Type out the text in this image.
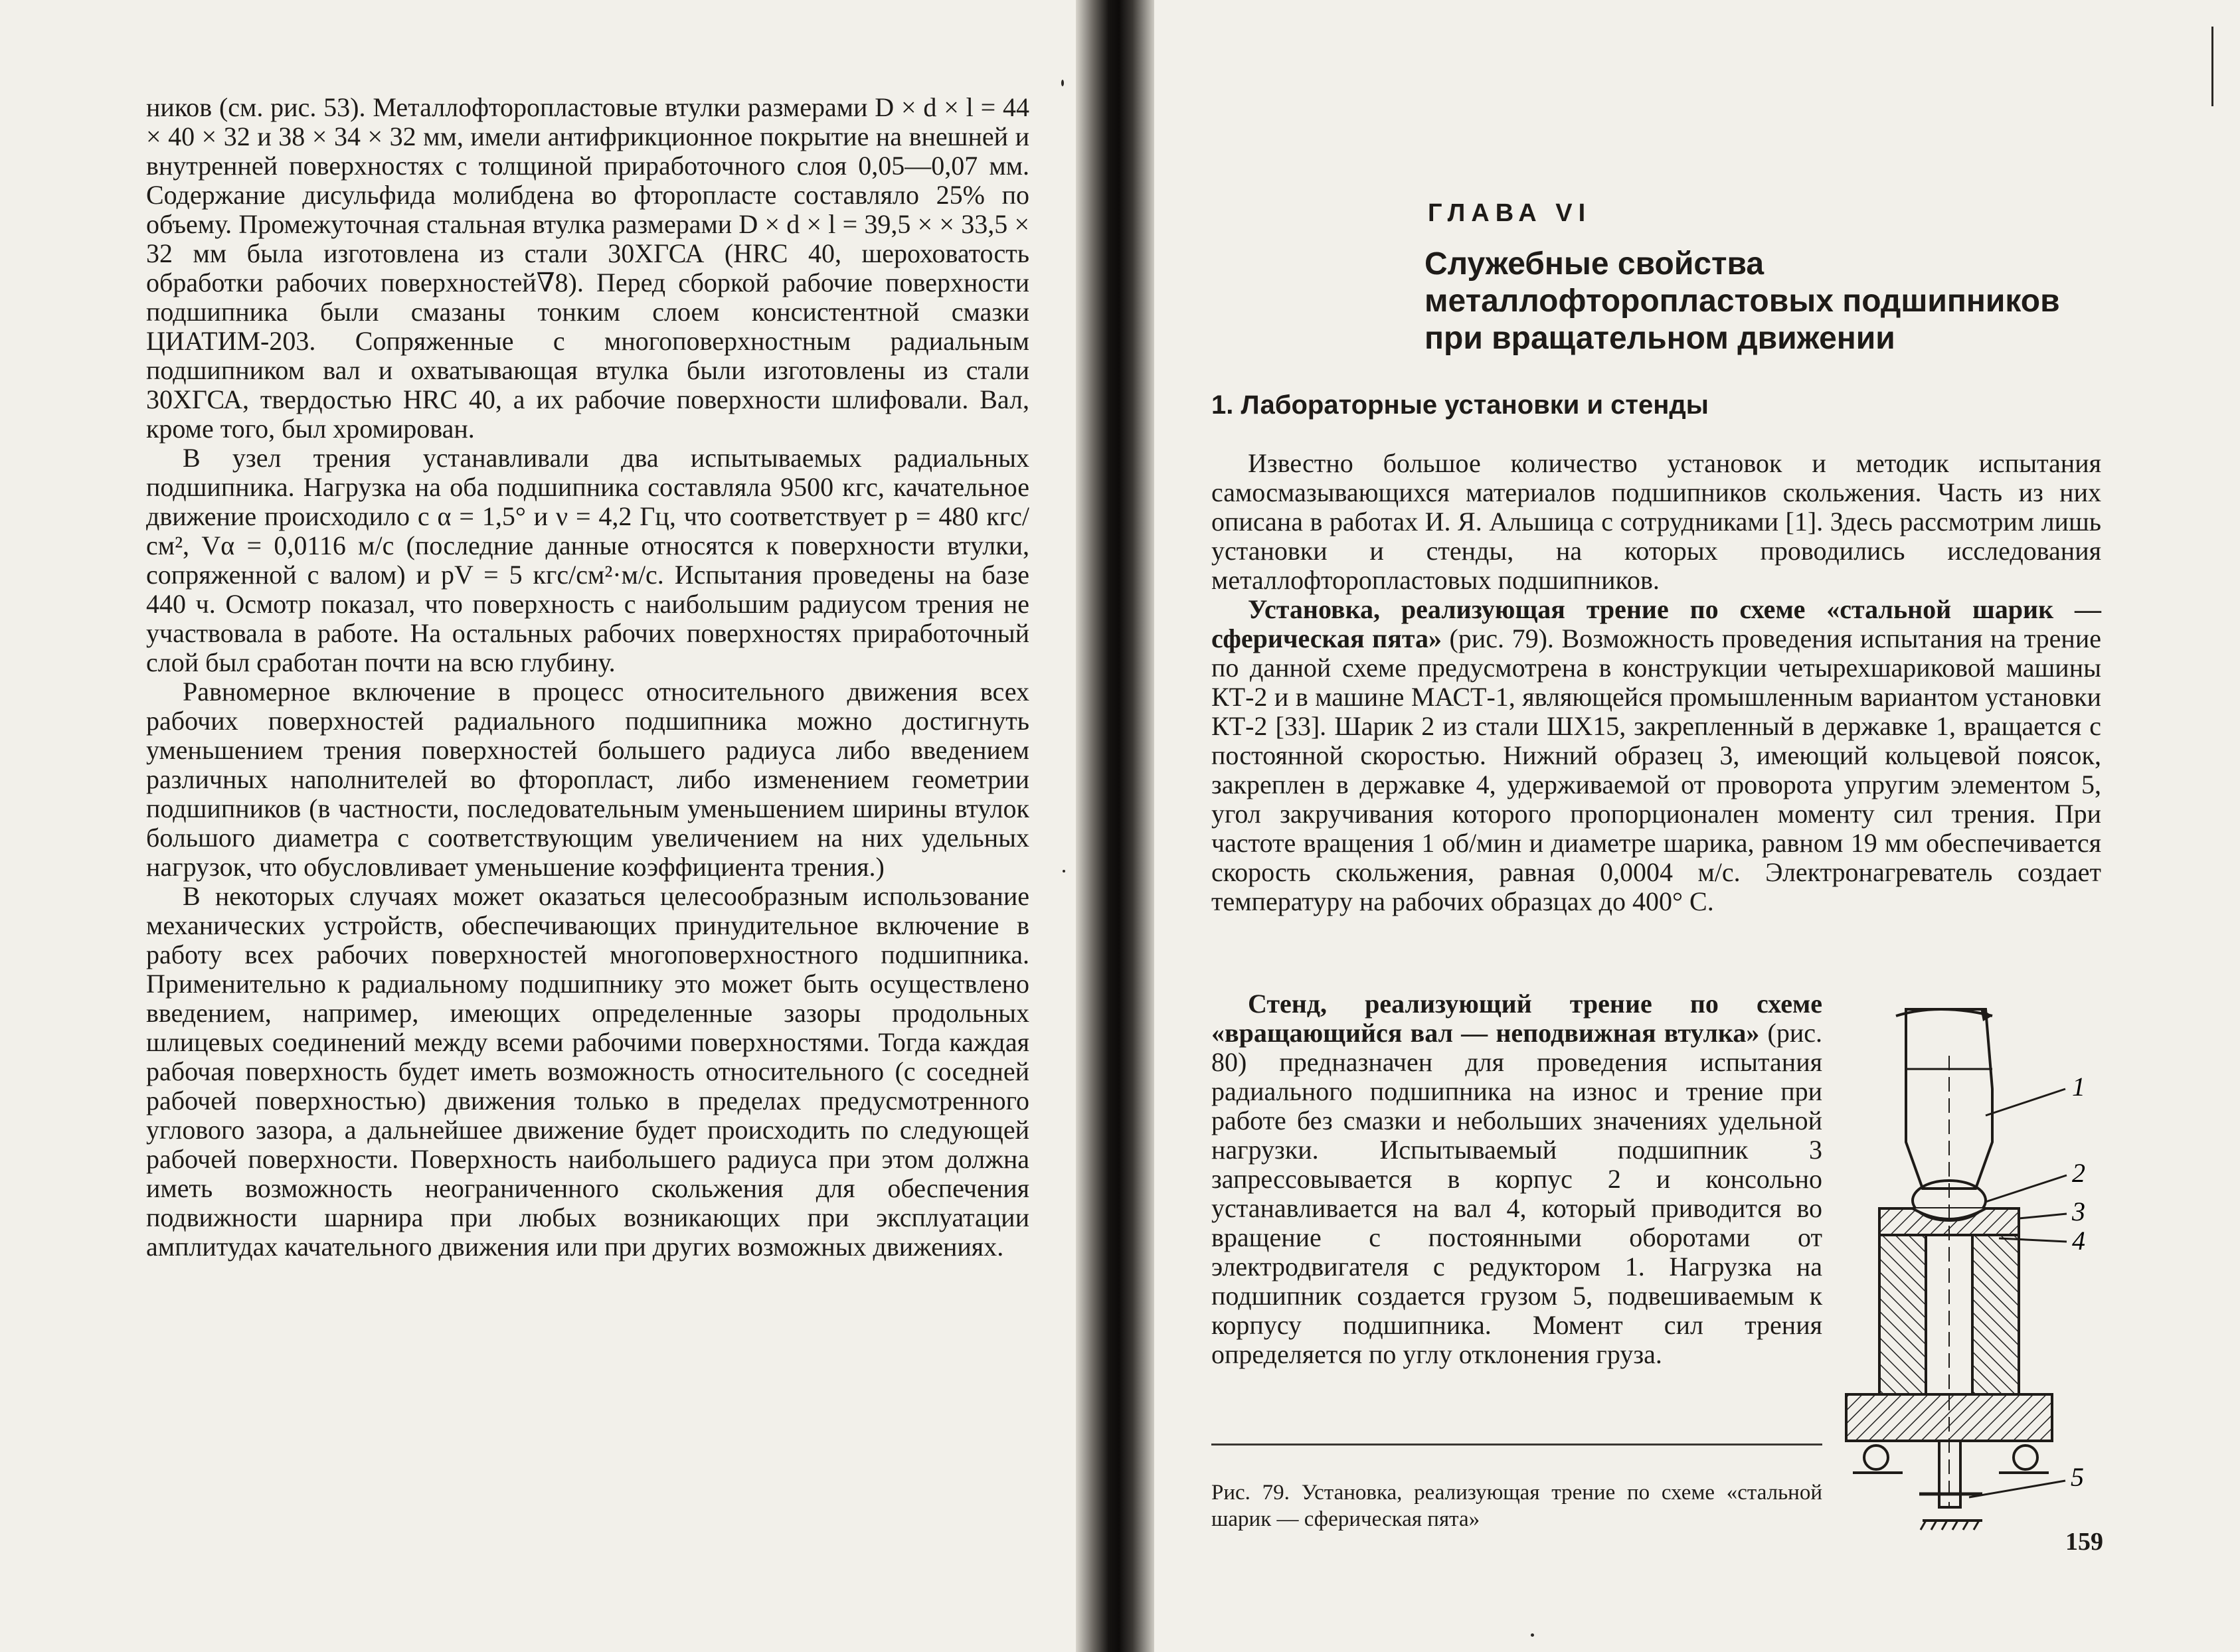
ников (см. рис. 53). Металлофторопластовые втулки размерами D × d × l = 44 × 40 × 32 и 38 × 34 × 32 мм, имели антифрикционное покрытие на внешней и внутренней поверхностях с толщиной приработочного слоя 0,05—0,07 мм. Содержание дисульфида молибдена во фторопласте составляло 25% по объему. Промежуточная стальная втулка размерами D × d × l = 39,5 × × 33,5 × 32 мм была изготовлена из стали 30ХГСА (HRC 40, шероховатость обработки рабочих поверхностей∇8). Перед сборкой рабочие поверхности подшипника были смазаны тонким слоем консистентной смазки ЦИАТИМ-203. Сопряженные с многоповерхностным радиальным подшипником вал и охватывающая втулка были изготовлены из стали 30ХГСА, твердостью HRC 40, а их рабочие поверхности шлифовали. Вал, кроме того, был хромирован.

В узел трения устанавливали два испытываемых радиальных подшипника. Нагрузка на оба подшипника составляла 9500 кгс, качательное движение происходило с α = 1,5° и ν = 4,2 Гц, что соответствует p = 480 кгс/см², Vα = 0,0116 м/с (последние данные относятся к поверхности втулки, сопряженной с валом) и pV = 5 кгс/см²·м/с. Испытания проведены на базе 440 ч. Осмотр показал, что поверхность с наибольшим радиусом трения не участвовала в работе. На остальных рабочих поверхностях приработочный слой был сработан почти на всю глубину.

Равномерное включение в процесс относительного движения всех рабочих поверхностей радиального подшипника можно достигнуть уменьшением трения поверхностей большего радиуса либо введением различных наполнителей во фторопласт, либо изменением геометрии подшипников (в частности, последовательным уменьшением ширины втулок большого диаметра с соответствующим увеличением на них удельных нагрузок, что обусловливает уменьшение коэффициента трения.)

В некоторых случаях может оказаться целесообразным использование механических устройств, обеспечивающих принудительное включение в работу всех рабочих поверхностей многоповерхностного подшипника. Применительно к радиальному подшипнику это может быть осуществлено введением, например, имеющих определенные зазоры продольных шлицевых соединений между всеми рабочими поверхностями. Тогда каждая рабочая поверхность будет иметь возможность относительного (с соседней рабочей поверхностью) движения только в пределах предусмотренного углового зазора, а дальнейшее движение будет происходить по следующей рабочей поверхности. Поверхность наибольшего радиуса при этом должна иметь возможность неограниченного скольжения для обеспечения подвижности шарнира при любых возникающих при эксплуатации амплитудах качательного движения или при других возможных движениях.

ГЛАВА VI
Служебные свойства
металлофторопластовых подшипников
при вращательном движении
1. Лабораторные установки и стенды

Известно большое количество установок и методик испытания самосмазывающихся материалов подшипников скольжения. Часть из них описана в работах И. Я. Альшица с сотрудниками [1]. Здесь рассмотрим лишь установки и стенды, на которых проводились исследования металлофторопластовых подшипников.

Установка, реализующая трение по схеме «стальной шарик — сферическая пята» (рис. 79). Возможность проведения испытания на трение по данной схеме предусмотрена в конструкции четырехшариковой машины КТ-2 и в машине МАСТ-1, являющейся промышленным вариантом установки КТ-2 [33]. Шарик 2 из стали ШХ15, закрепленный в державке 1, вращается с постоянной скоростью. Нижний образец 3, имеющий кольцевой поясок, закреплен в державке 4, удерживаемой от проворота упругим элементом 5, угол закручивания которого пропорционален моменту сил трения. При частоте вращения 1 об/мин и диаметре шарика, равном 19 мм обеспечивается скорость скольжения, равная 0,0004 м/с. Электронагреватель создает температуру на рабочих образцах до 400° С.

Стенд, реализующий трение по схеме «вращающийся вал — неподвижная втулка» (рис. 80) предназначен для проведения испытания радиального подшипника на износ и трение при работе без смазки и небольших значениях удельной нагрузки. Испытываемый подшипник 3 запрессовывается в корпус 2 и консольно устанавливается на вал 4, который приводится во вращение с постоянными оборотами от электродвигателя с редуктором 1. Нагрузка на подшипник создается грузом 5, подвешиваемым к корпусу подшипника. Момент сил трения определяется по углу отклонения груза.

1
2
3
4
5
Рис. 79. Установка, реализующая трение по схеме «стальной шарик — сферическая пята»
159
